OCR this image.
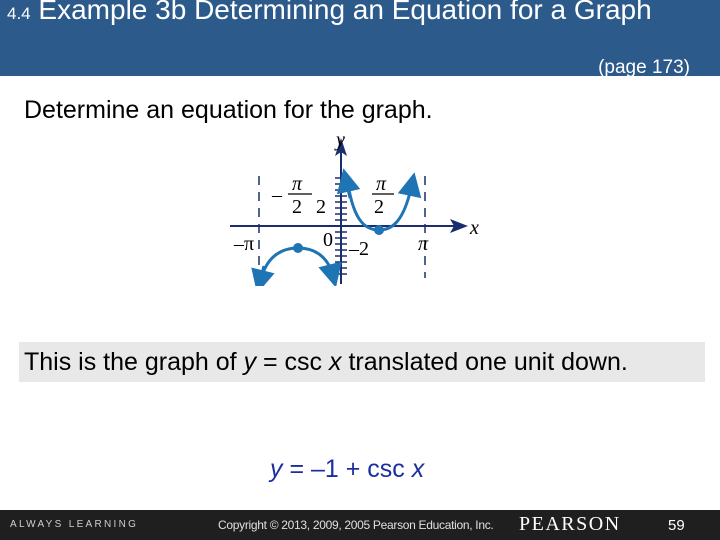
4.4 Example 3b Determining an Equation for a Graph
(page 173)
Determine an equation for the graph.
y
x
π
–
2 2
π
2
–π	0 –2 π
This is the graph of y = csc x translated one unit down.
y = –1 + csc x
ALWAYS LEARNING	Copyright © 2013, 2009, 2005 Pearson Education, Inc. PEARSON	59
